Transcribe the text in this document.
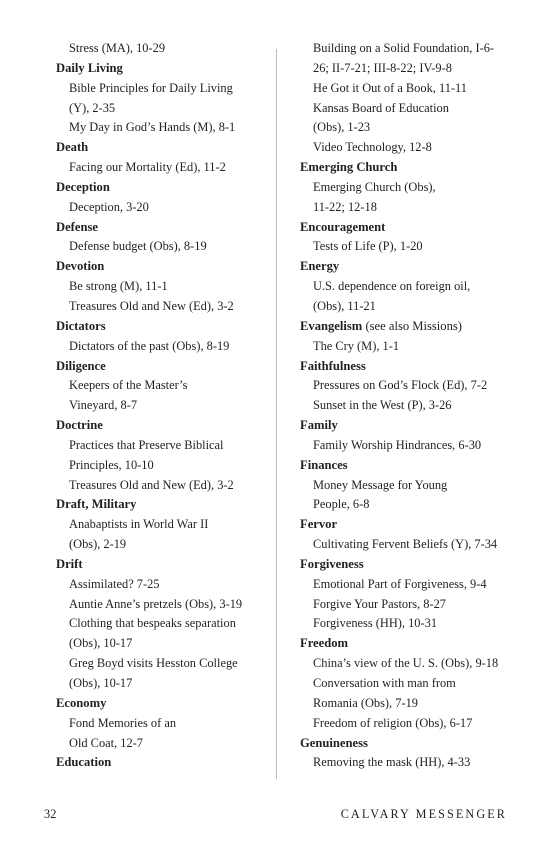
Stress (MA), 10-29
Daily Living
Bible Principles for Daily Living
(Y), 2-35
My Day in God’s Hands (M), 8-1
Death
Facing our Mortality (Ed), 11-2
Deception
Deception, 3-20
Defense
Defense budget (Obs), 8-19
Devotion
Be strong (M), 11-1
Treasures Old and New (Ed), 3-2
Dictators
Dictators of the past (Obs), 8-19
Diligence
Keepers of the Master’s
Vineyard, 8-7
Doctrine
Practices that Preserve Biblical
Principles, 10-10
Treasures Old and New (Ed), 3-2
Draft, Military
Anabaptists in World War II
(Obs), 2-19
Drift
Assimilated? 7-25
Auntie Anne’s pretzels (Obs), 3-19
Clothing that bespeaks separation
(Obs), 10-17
Greg Boyd visits Hesston College
(Obs), 10-17
Economy
Fond Memories of an
Old Coat, 12-7
Education
Building on a Solid Foundation, I-6-
26; II-7-21; III-8-22; IV-9-8
He Got it Out of a Book, 11-11
Kansas Board of Education
(Obs), 1-23
Video Technology, 12-8
Emerging Church
Emerging Church (Obs),
11-22; 12-18
Encouragement
Tests of Life (P), 1-20
Energy
U.S. dependence on foreign oil,
(Obs), 11-21
Evangelism (see also Missions)
The Cry (M), 1-1
Faithfulness
Pressures on God’s Flock (Ed), 7-2
Sunset in the West (P), 3-26
Family
Family Worship Hindrances, 6-30
Finances
Money Message for Young
People, 6-8
Fervor
Cultivating Fervent Beliefs (Y), 7-34
Forgiveness
Emotional Part of Forgiveness, 9-4
Forgive Your Pastors, 8-27
Forgiveness (HH), 10-31
Freedom
China’s view of the U. S. (Obs), 9-18
Conversation with man from
Romania (Obs), 7-19
Freedom of religion (Obs), 6-17
Genuineness
Removing the mask (HH), 4-33
32	CALVARY MESSENGER
